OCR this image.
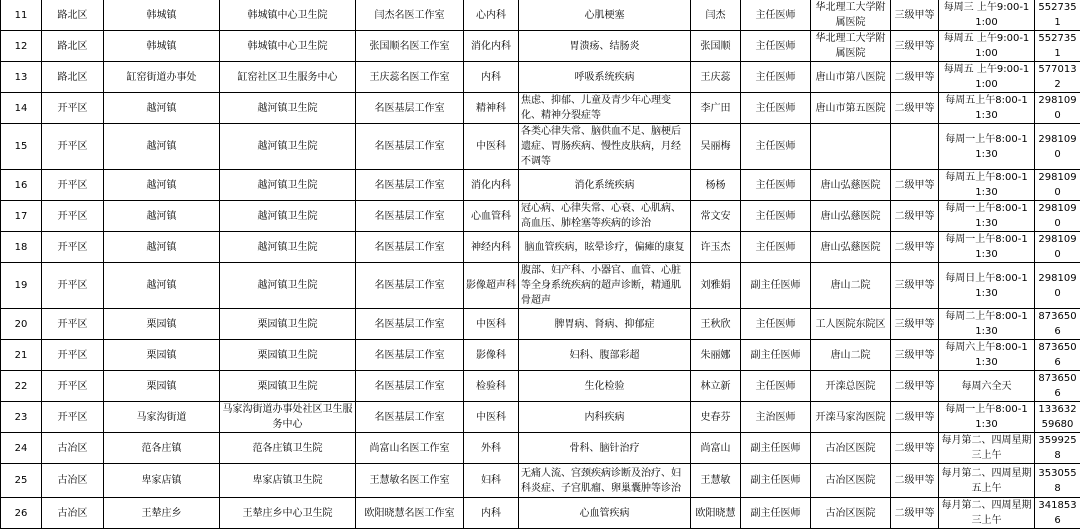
11	路北区	韩城镇	韩城镇中心卫生院	闫杰名医工作室	心内科	心肌梗塞	闫杰	主任医师	华北理工大学附属医院	三级甲等	每周三 上午9:00-11:00	5527351
12	路北区	韩城镇	韩城镇中心卫生院	张国顺名医工作室	消化内科	胃溃疡、结肠炎	张国顺	主任医师	华北理工大学附属医院	三级甲等	每周五 上午9:00-11:00	5527351
13	路北区	缸窑街道办事处	缸窑社区卫生服务中心	王庆蕊名医工作室	内科	呼吸系统疾病	王庆蕊	主任医师	唐山市第八医院	二级甲等	每周五 上午9:00-11:00	5770132
14	开平区	越河镇	越河镇卫生院	名医基层工作室	精神科	焦虑、抑郁、儿童及青少年心理变化、精神分裂症等	李广田	主任医师	唐山市第五医院	二级甲等	每周五上午8:00-11:30	2981090
15	开平区	越河镇	越河镇卫生院	名医基层工作室	中医科	各类心律失常、脑供血不足、脑梗后遗症、胃肠疾病、慢性皮肤病，月经不调等	吴丽梅	主任医师			每周一上午8:00-11:30	2981090
16	开平区	越河镇	越河镇卫生院	名医基层工作室	消化内科	消化系统疾病	杨杨	主任医师	唐山弘慈医院	二级甲等	每周五上午8:00-11:30	2981090
17	开平区	越河镇	越河镇卫生院	名医基层工作室	心血管科	冠心病、心律失常、心衰、心肌病、高血压、肺栓塞等疾病的诊治	常文安	主任医师	唐山弘慈医院	二级甲等	每周一上午8:00-11:30	2981090
18	开平区	越河镇	越河镇卫生院	名医基层工作室	神经内科	脑血管疾病，眩晕诊疗，偏瘫的康复	许玉杰	主任医师	唐山弘慈医院	二级甲等	每周一上午8:00-11:30	2981090
19	开平区	越河镇	越河镇卫生院	名医基层工作室	影像超声科	腹部、妇产科、小器官、血管、心脏等全身系统疾病的超声诊断，精通肌骨超声	刘雅娟	副主任医师	唐山二院	三级甲等	每周日上午8:00-11:30	2981090
20	开平区	栗园镇	栗园镇卫生院	名医基层工作室	中医科	脾胃病、肾病、抑郁症	王秋欣	主任医师	工人医院东院区	三级甲等	每周二上午8:00-11:30	8736506
21	开平区	栗园镇	栗园镇卫生院	名医基层工作室	影像科	妇科、腹部彩超	朱丽娜	副主任医师	唐山二院	三级甲等	每周六上午8:00-11:30	8736506
22	开平区	栗园镇	栗园镇卫生院	名医基层工作室	检验科	生化检验	林立新	主任医师	开滦总医院	二级甲等	每周六全天	8736506
23	开平区	马家沟街道	马家沟街道办事处社区卫生服务中心	名医基层工作室	中医科	内科疾病	史春芬	主治医师	开滦马家沟医院	二级甲等	每周一上午8:00-11:30	13363259680
24	古冶区	范各庄镇	范各庄镇卫生院	尚富山名医工作室	外科	骨科、脑针治疗	尚富山	副主任医师	古冶区医院	二级甲等	每月第二、四周星期三上午	3599258
25	古冶区	卑家店镇	卑家店镇卫生院	王慧敏名医工作室	妇科	无痛人流、宫颈疾病诊断及治疗、妇科炎症、子宫肌瘤、卵巢囊肿等诊治	王慧敏	副主任医师	古冶区医院	二级甲等	每月第二、四周星期五上午	3530558
26	古冶区	王辇庄乡	王辇庄乡中心卫生院	欧阳晓慧名医工作室	内科	心血管疾病	欧阳晓慧	副主任医师	古冶区医院	二级甲等	每月第二、四周星期三上午	3418536
